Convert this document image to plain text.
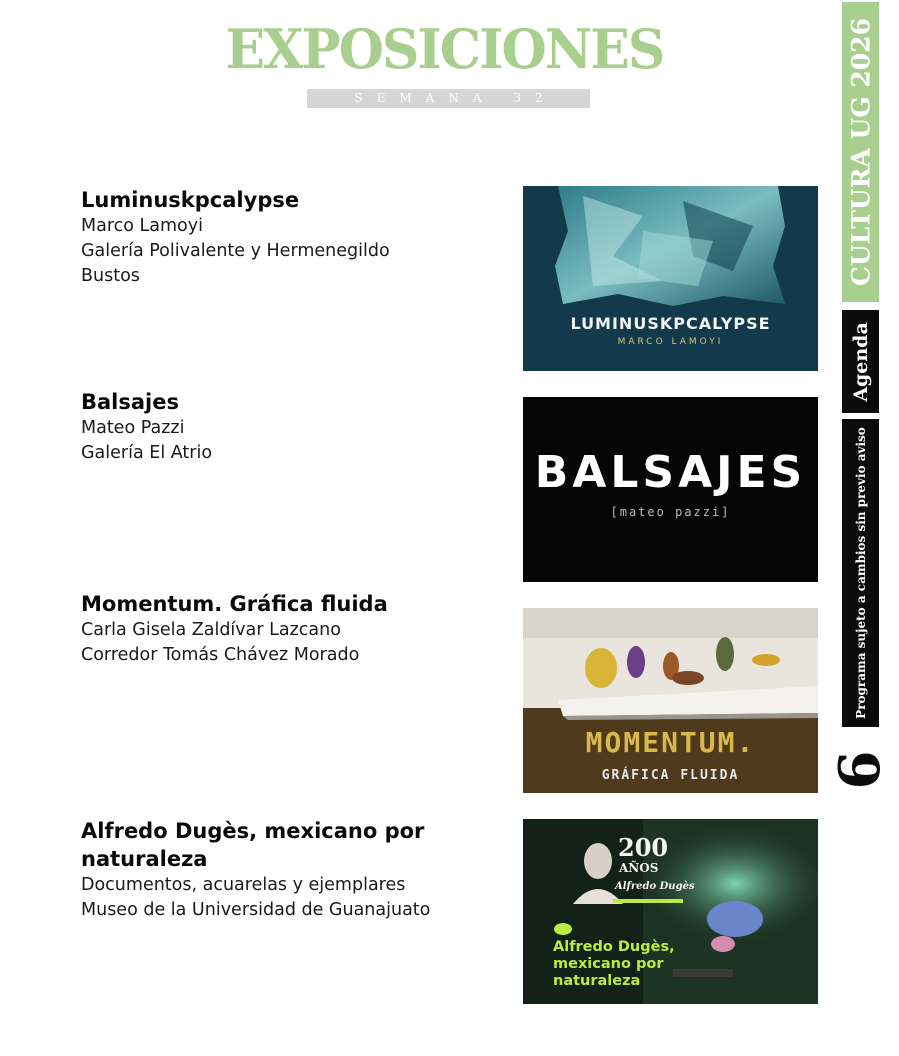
EXPOSICIONES
SEMANA 32
Luminuskpcalypse
Marco Lamoyi
Galería Polivalente y Hermenegildo
Bustos
Balsajes
Mateo Pazzi
Galería El Atrio
Momentum. Gráfica fluida
Carla Gisela Zaldívar Lazcano
Corredor Tomás Chávez Morado
Alfredo Dugès, mexicano por naturaleza
Documentos, acuarelas y ejemplares
Museo de la Universidad de Guanajuato
LUMINUSKPCALYPSE
MARCO LAMOYI
BALSAJES
[mateo pazzi]
MOMENTUM.
GRÁFICA FLUIDA
200
AÑOS
Alfredo Dugès
Alfredo Dugès, mexicano por naturaleza
CULTURA UG 2026
Agenda
Programa sujeto a cambios sin previo aviso
6
